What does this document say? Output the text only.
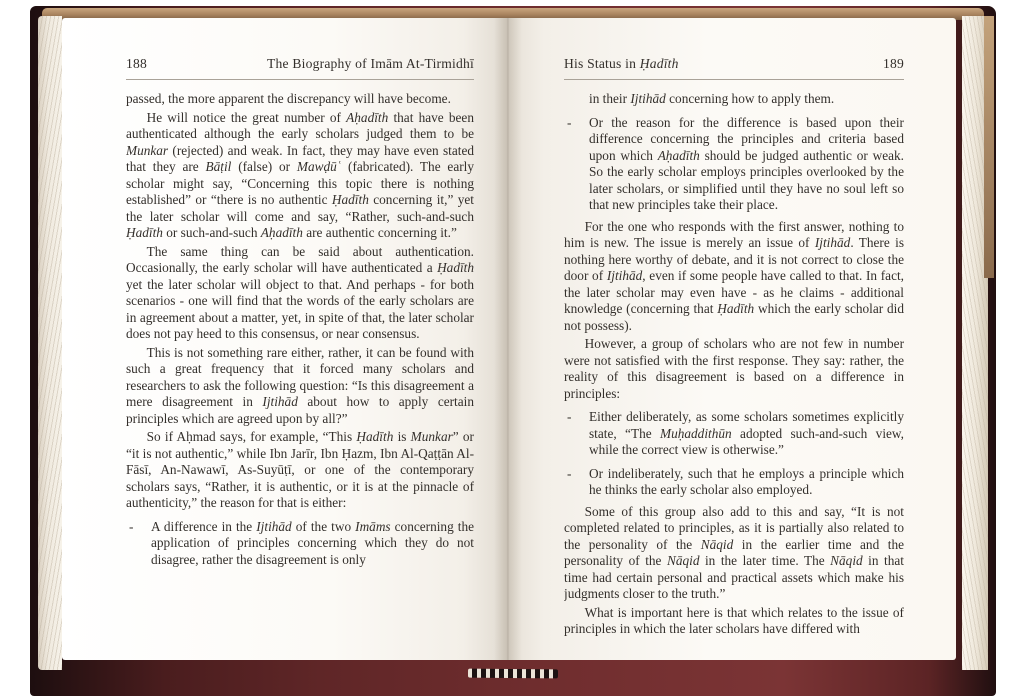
188	The Biography of Imām At-Tirmidhī

passed, the more apparent the discrepancy will have become.

He will notice the great number of Aḥadīth that have been authenticated although the early scholars judged them to be Munkar (rejected) and weak. In fact, they may have even stated that they are Bāṭil (false) or Mawḍūʿ (fabricated). The early scholar might say, “Concerning this topic there is nothing established” or “there is no authentic Ḥadīth concerning it,” yet the later scholar will come and say, “Rather, such-and-such Ḥadīth or such-and-such Aḥadīth are authentic concerning it.”

The same thing can be said about authentication. Occasionally, the early scholar will have authenticated a Ḥadīth yet the later scholar will object to that. And perhaps - for both scenarios - one will find that the words of the early scholars are in agreement about a matter, yet, in spite of that, the later scholar does not pay heed to this consensus, or near consensus.

This is not something rare either, rather, it can be found with such a great frequency that it forced many scholars and researchers to ask the following question: “Is this disagreement a mere disagreement in Ijtihād about how to apply certain principles which are agreed upon by all?”

So if Aḥmad says, for example, “This Ḥadīth is Munkar” or “it is not authentic,” while Ibn Jarīr, Ibn Ḥazm, Ibn Al-Qaṭṭān Al-Fāsī, An-Nawawī, As-Suyūṭī, or one of the contemporary scholars says, “Rather, it is authentic, or it is at the pinnacle of authenticity,” the reason for that is either:

- A difference in the Ijtihād of the two Imāms concerning the application of principles concerning which they do not disagree, rather the disagreement is only

His Status in Ḥadīth	189

in their Ijtihād concerning how to apply them.

- Or the reason for the difference is based upon their difference concerning the principles and criteria based upon which Aḥadīth should be judged authentic or weak. So the early scholar employs principles overlooked by the later scholars, or simplified until they have no soul left so that new principles take their place.

For the one who responds with the first answer, nothing to him is new. The issue is merely an issue of Ijtihād. There is nothing here worthy of debate, and it is not correct to close the door of Ijtihād, even if some people have called to that. In fact, the later scholar may even have - as he claims - additional knowledge (concerning that Ḥadīth which the early scholar did not possess).

However, a group of scholars who are not few in number were not satisfied with the first response. They say: rather, the reality of this disagreement is based on a difference in principles:

- Either deliberately, as some scholars sometimes explicitly state, “The Muḥaddithūn adopted such-and-such view, while the correct view is otherwise.”

- Or indeliberately, such that he employs a principle which he thinks the early scholar also employed.

Some of this group also add to this and say, “It is not completed related to principles, as it is partially also related to the personality of the Nāqid in the earlier time and the personality of the Nāqid in the later time. The Nāqid in that time had certain personal and practical assets which make his judgments closer to the truth.”

What is important here is that which relates to the issue of principles in which the later scholars have differed with
